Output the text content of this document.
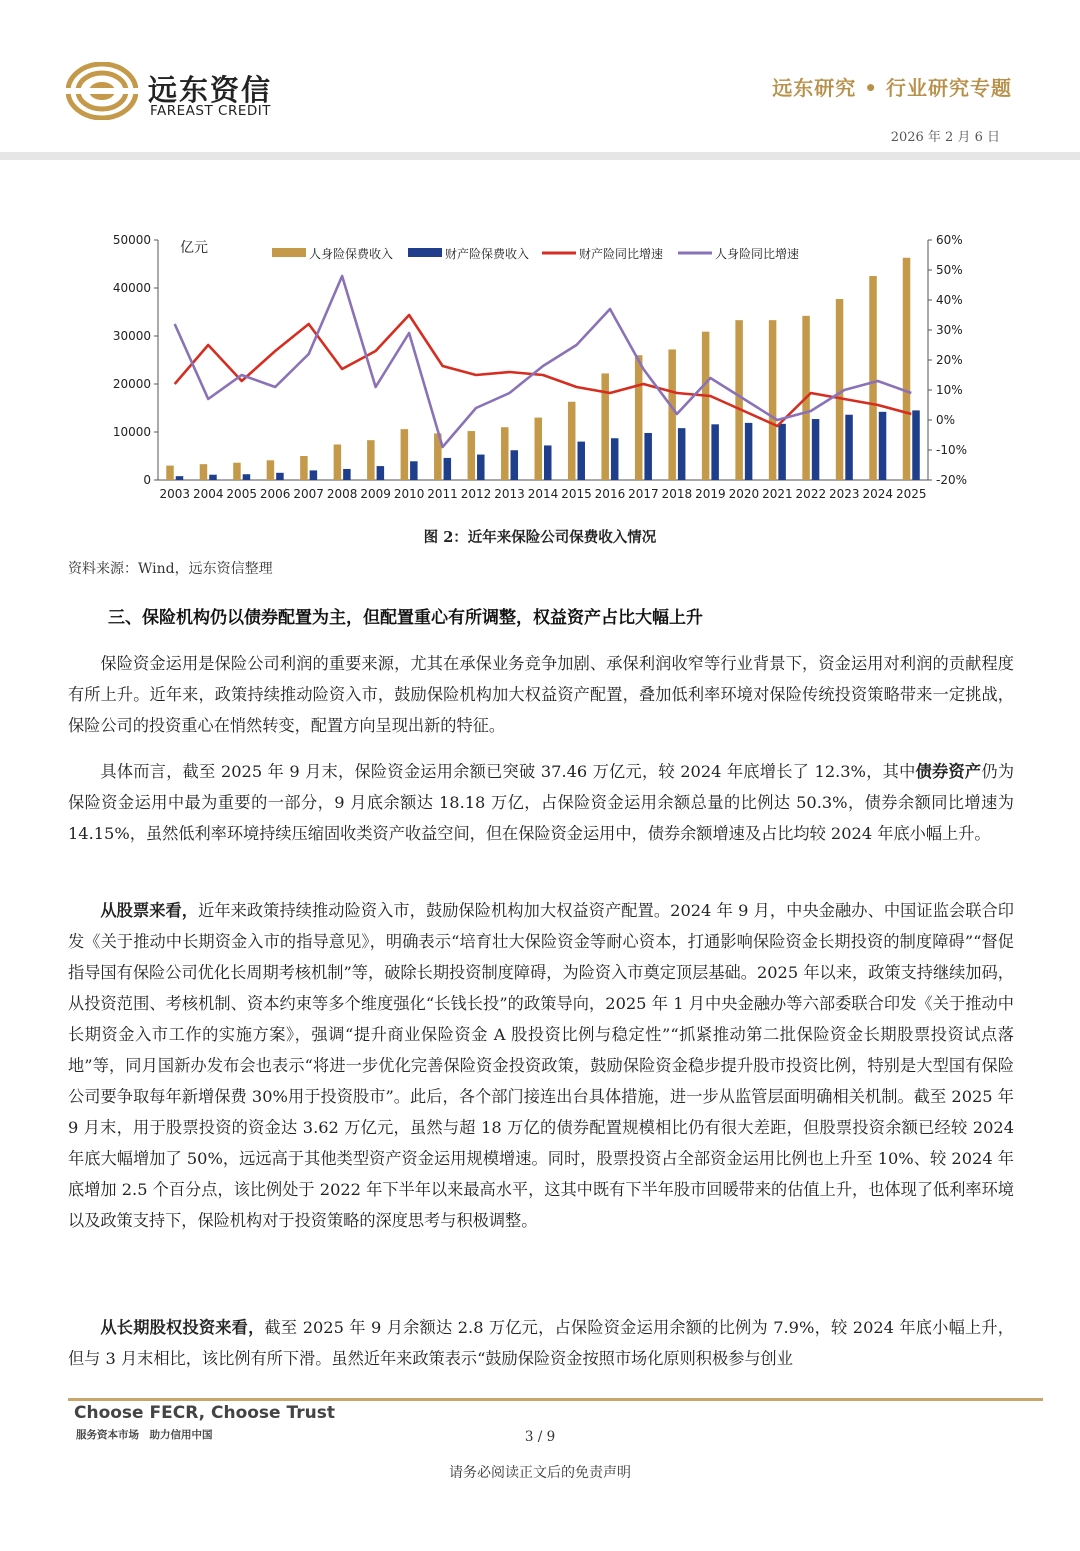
远东资信
FAREAST CREDIT
远东研究 • 行业研究专题
2026 年 2 月 6 日
0
10000
20000
30000
40000
50000
-20%
-10%
0%
10%
20%
30%
40%
50%
60%
亿元
2003 2004 2005 2006 2007 2008 2009 2010 2011 2012 2013 2014 2015 2016 2017 2018 2019 2020 2021 2022 2023 2024 2025
人身险保费收入	财产险保费收入	财产险同比增速	人身险同比增速
图 2：近年来保险公司保费收入情况
资料来源：Wind，远东资信整理
三、保险机构仍以债券配置为主，但配置重心有所调整，权益资产占比大幅上升

保险资金运用是保险公司利润的重要来源，尤其在承保业务竞争加剧、承保利润收窄等行业背景下，资金运用对利润的贡献程度有所上升。近年来，政策持续推动险资入市，鼓励保险机构加大权益资产配置，叠加低利率环境对保险传统投资策略带来一定挑战，保险公司的投资重心在悄然转变，配置方向呈现出新的特征。

具体而言，截至 2025 年 9 月末，保险资金运用余额已突破 37.46 万亿元，较 2024 年底增长了 12.3%，其中债券资产仍为保险资金运用中最为重要的一部分，9 月底余额达 18.18 万亿，占保险资金运用余额总量的比例达 50.3%，债券余额同比增速为 14.15%，虽然低利率环境持续压缩固收类资产收益空间，但在保险资金运用中，债券余额增速及占比均较 2024 年底小幅上升。

从股票来看，近年来政策持续推动险资入市，鼓励保险机构加大权益资产配置。2024 年 9 月，中央金融办、中国证监会联合印发《关于推动中长期资金入市的指导意见》，明确表示“培育壮大保险资金等耐心资本，打通影响保险资金长期投资的制度障碍”“督促指导国有保险公司优化长周期考核机制”等，破除长期投资制度障碍，为险资入市奠定顶层基础。2025 年以来，政策支持继续加码，从投资范围、考核机制、资本约束等多个维度强化“长钱长投”的政策导向，2025 年 1 月中央金融办等六部委联合印发《关于推动中长期资金入市工作的实施方案》，强调“提升商业保险资金 A 股投资比例与稳定性”“抓紧推动第二批保险资金长期股票投资试点落地”等，同月国新办发布会也表示“将进一步优化完善保险资金投资政策，鼓励保险资金稳步提升股市投资比例，特别是大型国有保险公司要争取每年新增保费 30%用于投资股市”。此后，各个部门接连出台具体措施，进一步从监管层面明确相关机制。截至 2025 年 9 月末，用于股票投资的资金达 3.62 万亿元，虽然与超 18 万亿的债券配置规模相比仍有很大差距，但股票投资余额已经较 2024 年底大幅增加了 50%，远远高于其他类型资产资金运用规模增速。同时，股票投资占全部资金运用比例也上升至 10%、较 2024 年底增加 2.5 个百分点，该比例处于 2022 年下半年以来最高水平，这其中既有下半年股市回暖带来的估值上升，也体现了低利率环境以及政策支持下，保险机构对于投资策略的深度思考与积极调整。

从长期股权投资来看，截至 2025 年 9 月余额达 2.8 万亿元，占保险资金运用余额的比例为 7.9%，较 2024 年底小幅上升，但与 3 月末相比，该比例有所下滑。虽然近年来政策表示“鼓励保险资金按照市场化原则积极参与创业

Choose FECR, Choose Trust
服务资本市场　助力信用中国	3 / 9
请务必阅读正文后的免责声明
